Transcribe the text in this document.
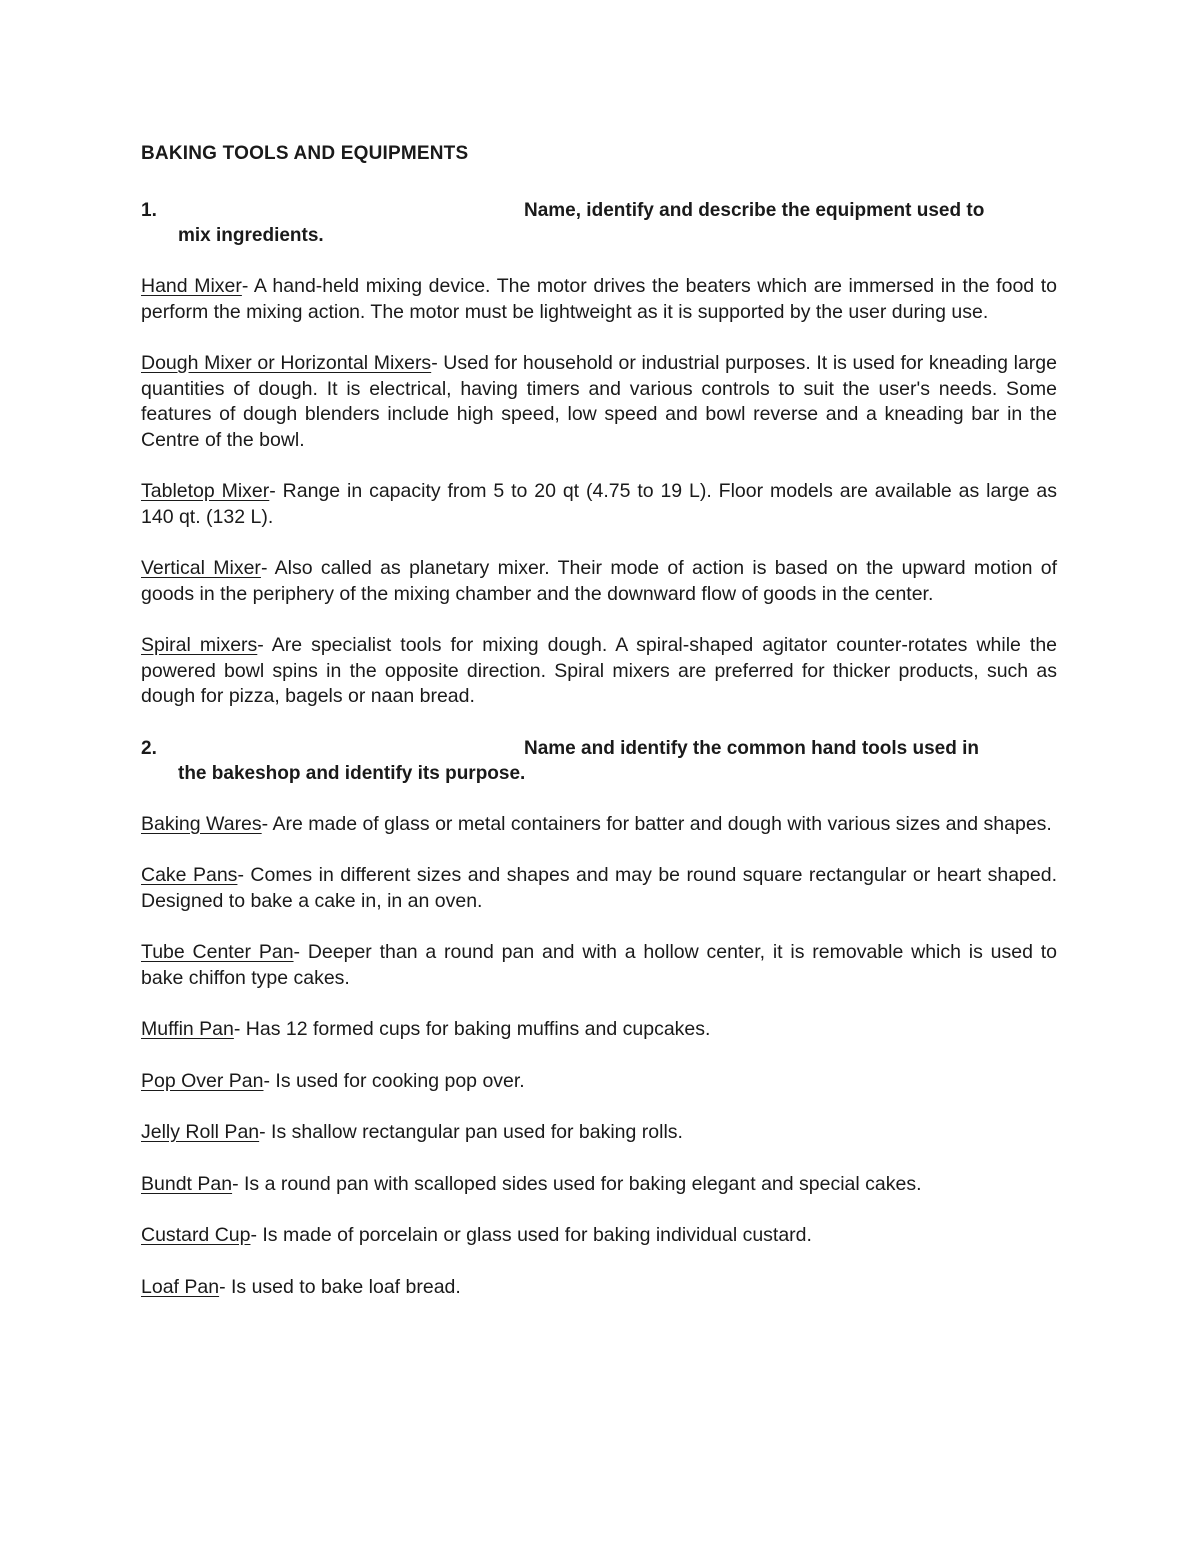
BAKING TOOLS AND EQUIPMENTS
1.	Name, identify and describe the equipment used to
mix ingredients.

Hand Mixer- A hand-held mixing device. The motor drives the beaters which are immersed in the food to perform the mixing action. The motor must be lightweight as it is supported by the user during use.

Dough Mixer or Horizontal Mixers- Used for household or industrial purposes. It is used for kneading large quantities of dough. It is electrical, having timers and various controls to suit the user's needs. Some features of dough blenders include high speed, low speed and bowl reverse and a kneading bar in the Centre of the bowl.

Tabletop Mixer- Range in capacity from 5 to 20 qt (4.75 to 19 L). Floor models are available as large as 140 qt. (132 L).

Vertical Mixer- Also called as planetary mixer. Their mode of action is based on the upward motion of goods in the periphery of the mixing chamber and the downward flow of goods in the center.

Spiral mixers- Are specialist tools for mixing dough. A spiral-shaped agitator counter-rotates while the powered bowl spins in the opposite direction. Spiral mixers are preferred for thicker products, such as dough for pizza, bagels or naan bread.

2.	Name and identify the common hand tools used in
the bakeshop and identify its purpose.

Baking Wares- Are made of glass or metal containers for batter and dough with various sizes and shapes.

Cake Pans- Comes in different sizes and shapes and may be round square rectangular or heart shaped. Designed to bake a cake in, in an oven.

Tube Center Pan- Deeper than a round pan and with a hollow center, it is removable which is used to bake chiffon type cakes.

Muffin Pan- Has 12 formed cups for baking muffins and cupcakes.

Pop Over Pan- Is used for cooking pop over.

Jelly Roll Pan- Is shallow rectangular pan used for baking rolls.

Bundt Pan- Is a round pan with scalloped sides used for baking elegant and special cakes.

Custard Cup- Is made of porcelain or glass used for baking individual custard.

Loaf Pan- Is used to bake loaf bread.
